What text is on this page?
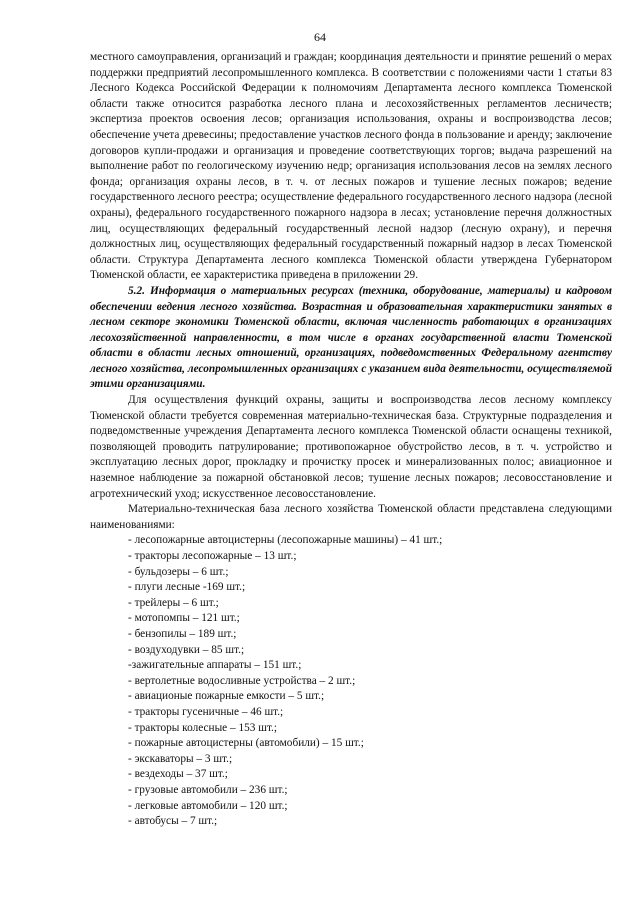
64

местного самоуправления, организаций и граждан; координация деятельности и принятие решений о мерах поддержки предприятий лесопромышленного комплекса. В соответствии с положениями части 1 статьи 83 Лесного Кодекса Российской Федерации к полномочиям Департамента лесного комплекса Тюменской области также относится разработка лесного плана и лесохозяйственных регламентов лесничеств; экспертиза проектов освоения лесов; организация использования, охраны и воспроизводства лесов; обеспечение учета древесины; предоставление участков лесного фонда в пользование и аренду; заключение договоров купли-продажи и организация и проведение соответствующих торгов; выдача разрешений на выполнение работ по геологическому изучению недр; организация использования лесов на землях лесного фонда; организация охраны лесов, в т. ч. от лесных пожаров и тушение лесных пожаров; ведение государственного лесного реестра; осуществление федерального государственного лесного надзора (лесной охраны), федерального государственного пожарного надзора в лесах; установление перечня должностных лиц, осуществляющих федеральный государственный лесной надзор (лесную охрану), и перечня должностных лиц, осуществляющих федеральный государственный пожарный надзор в лесах Тюменской области. Структура Департамента лесного комплекса Тюменской области утверждена Губернатором Тюменской области, ее характеристика приведена в приложении 29.

5.2. Информация о материальных ресурсах (техника, оборудование, материалы) и кадровом обеспечении ведения лесного хозяйства. Возрастная и образовательная характеристики занятых в лесном секторе экономики Тюменской области, включая численность работающих в организациях лесохозяйственной направленности, в том числе в органах государственной власти Тюменской области в области лесных отношений, организациях, подведомственных Федеральному агентству лесного хозяйства, лесопромышленных организациях с указанием вида деятельности, осуществляемой этими организациями.

Для осуществления функций охраны, защиты и воспроизводства лесов лесному комплексу Тюменской области требуется современная материально-техническая база. Структурные подразделения и подведомственные учреждения Департамента лесного комплекса Тюменской области оснащены техникой, позволяющей проводить патрулирование; противопожарное обустройство лесов, в т. ч. устройство и эксплуатацию лесных дорог, прокладку и прочистку просек и минерализованных полос; авиационное и наземное наблюдение за пожарной обстановкой лесов; тушение лесных пожаров; лесовосстановление и агротехнический уход; искусственное лесовосстановление.

Материально-техническая база лесного хозяйства Тюменской области представлена следующими наименованиями:

- лесопожарные автоцистерны (лесопожарные машины) – 41 шт.;
- тракторы лесопожарные – 13 шт.;
- бульдозеры – 6 шт.;
- плуги лесные -169 шт.;
- трейлеры – 6 шт.;
- мотопомпы – 121 шт.;
- бензопилы – 189 шт.;
- воздуходувки – 85 шт.;
-зажигательные аппараты – 151 шт.;
- вертолетные водосливные устройства – 2 шт.;
- авиационые пожарные емкости – 5 шт.;
- тракторы гусеничные – 46 шт.;
- тракторы колесные – 153 шт.;
- пожарные автоцистерны (автомобили) – 15 шт.;
- экскаваторы – 3 шт.;
- вездеходы – 37 шт.;
- грузовые автомобили – 236 шт.;
- легковые автомобили – 120 шт.;
- автобусы – 7 шт.;
